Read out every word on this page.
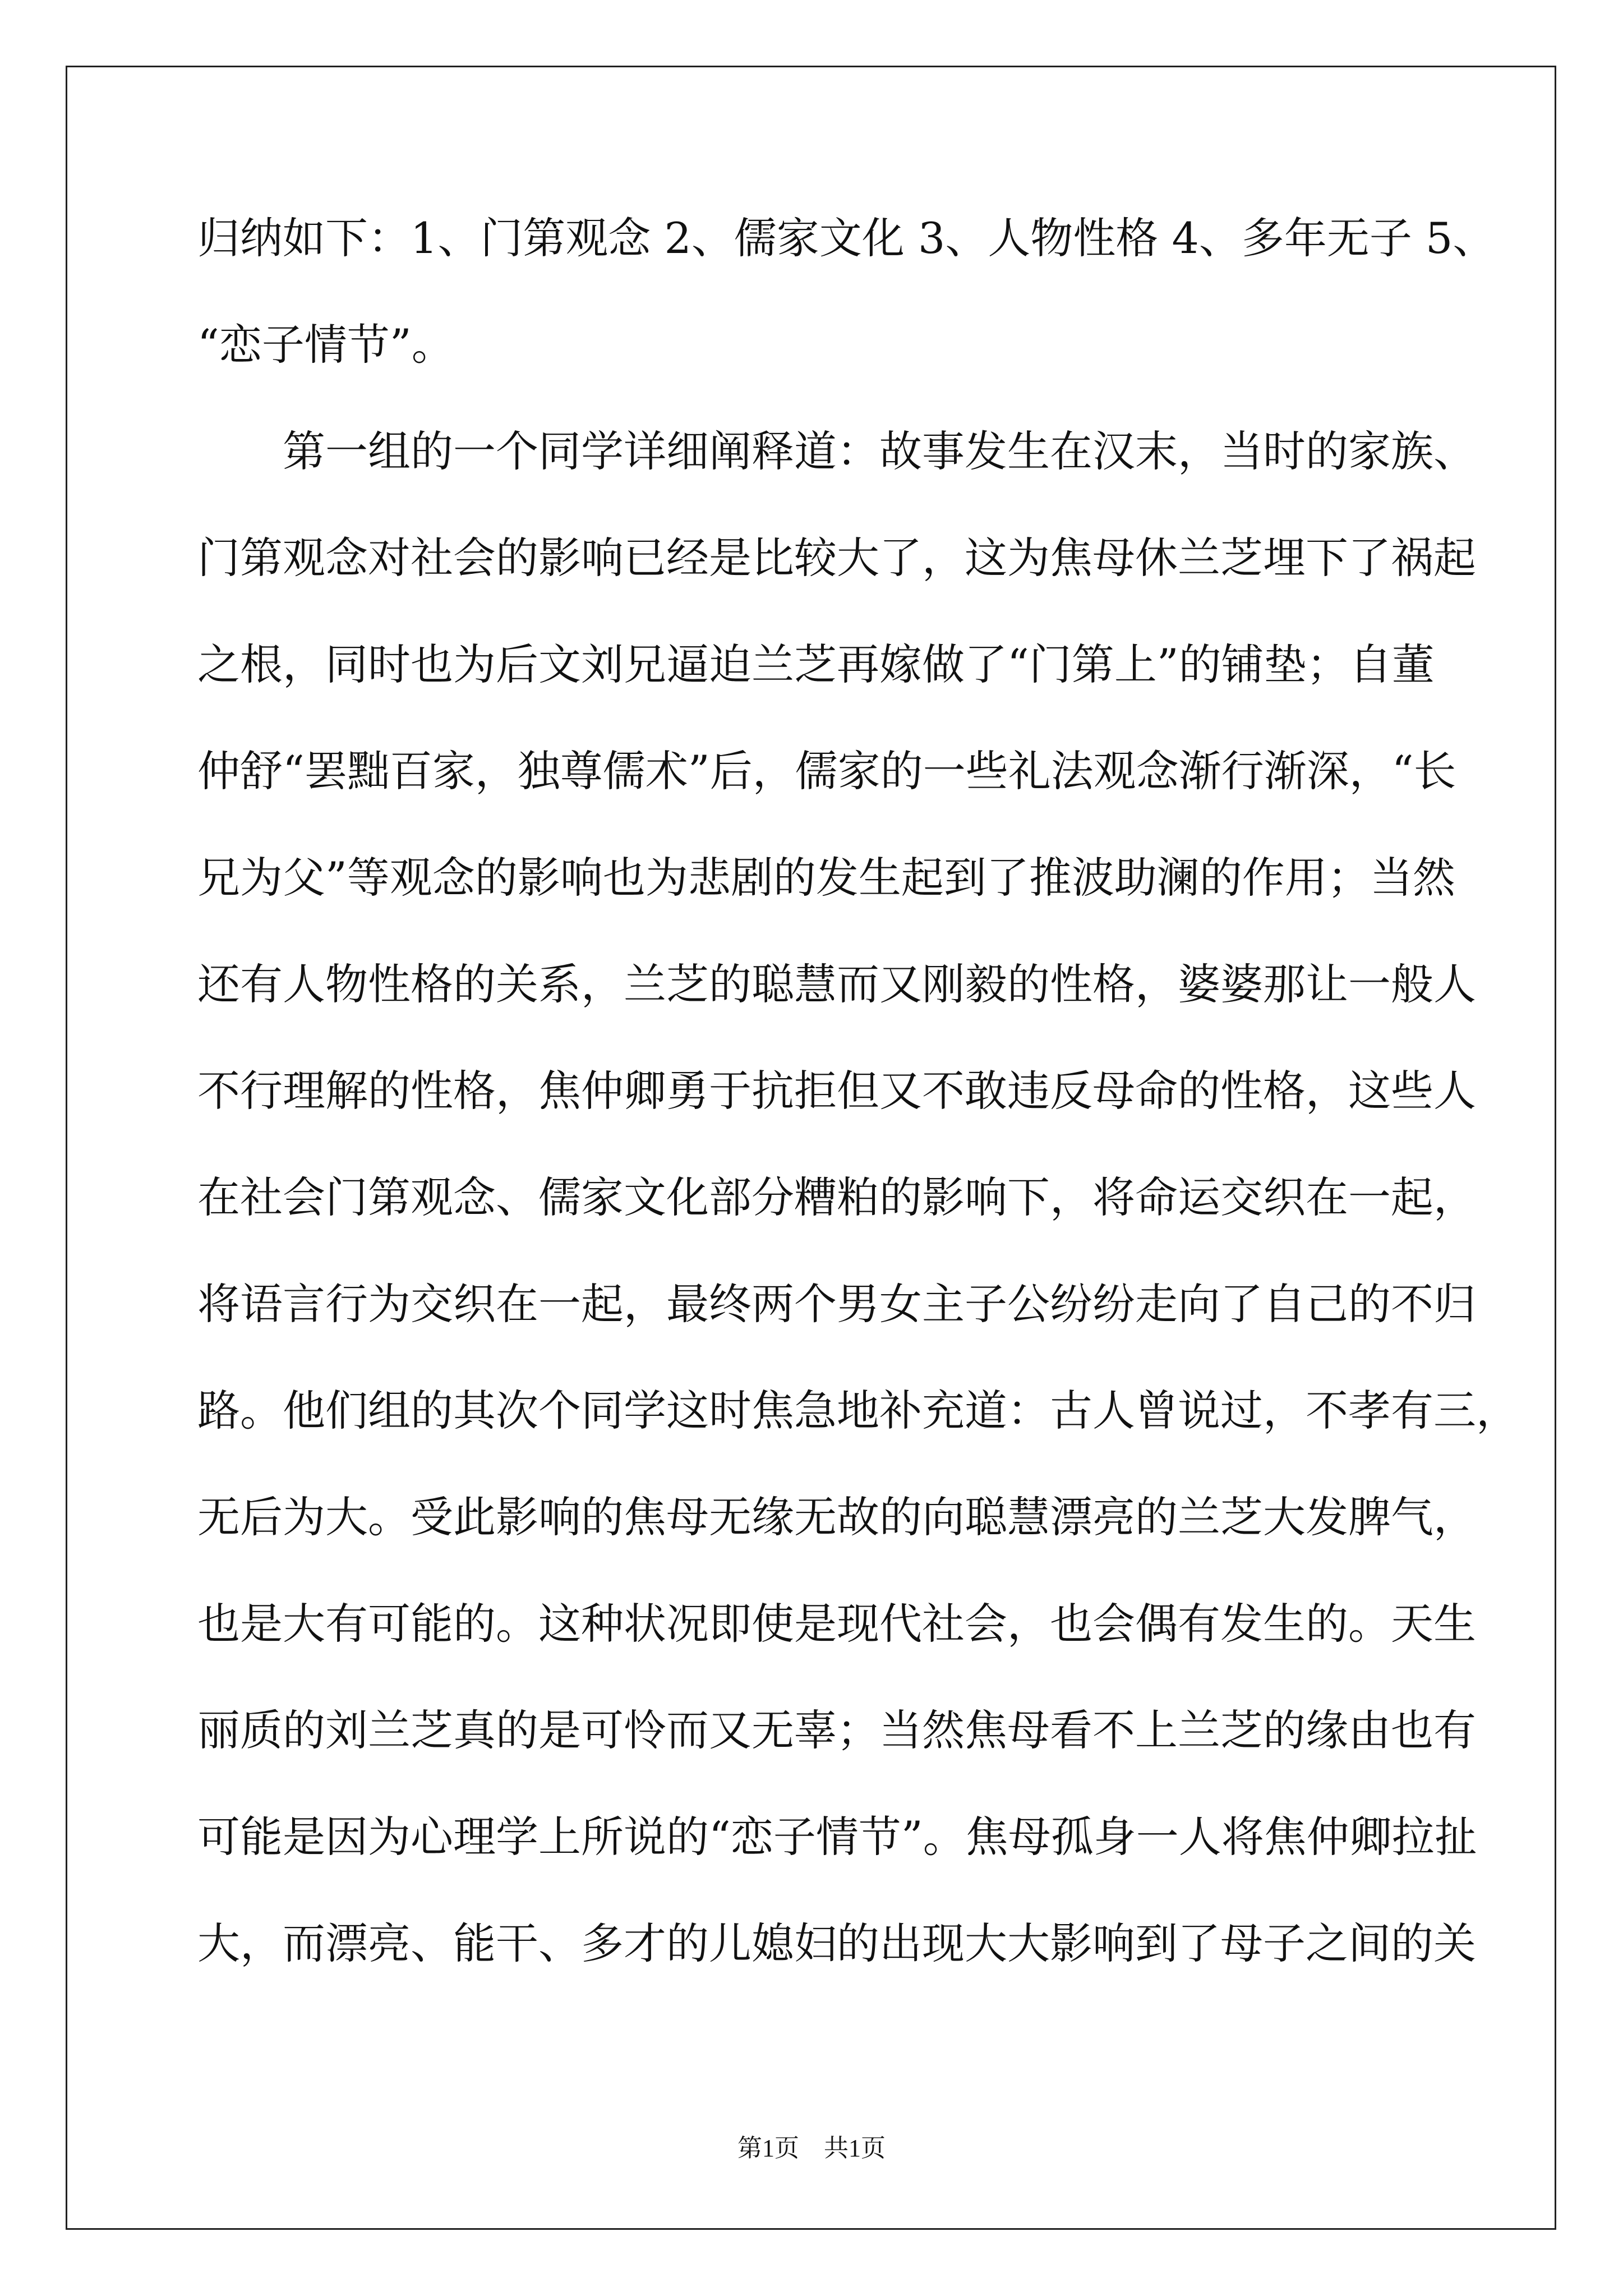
归纳如下：1、门第观念 2、儒家文化 3、人物性格 4、多年无子 5、
“恋子情节”。
　　第一组的一个同学详细阐释道：故事发生在汉末，当时的家族、
门第观念对社会的影响已经是比较大了，这为焦母休兰芝埋下了祸起
之根，同时也为后文刘兄逼迫兰芝再嫁做了“门第上”的铺垫；自董
仲舒“罢黜百家，独尊儒术”后，儒家的一些礼法观念渐行渐深，“长
兄为父”等观念的影响也为悲剧的发生起到了推波助澜的作用；当然
还有人物性格的关系，兰芝的聪慧而又刚毅的性格，婆婆那让一般人
不行理解的性格，焦仲卿勇于抗拒但又不敢违反母命的性格，这些人
在社会门第观念、儒家文化部分糟粕的影响下，将命运交织在一起，
将语言行为交织在一起，最终两个男女主子公纷纷走向了自己的不归
路。他们组的其次个同学这时焦急地补充道：古人曾说过，不孝有三，
无后为大。受此影响的焦母无缘无故的向聪慧漂亮的兰芝大发脾气，
也是大有可能的。这种状况即使是现代社会，也会偶有发生的。天生
丽质的刘兰芝真的是可怜而又无辜；当然焦母看不上兰芝的缘由也有
可能是因为心理学上所说的“恋子情节”。焦母孤身一人将焦仲卿拉扯
大，而漂亮、能干、多才的儿媳妇的出现大大影响到了母子之间的关
第1页　共1页
